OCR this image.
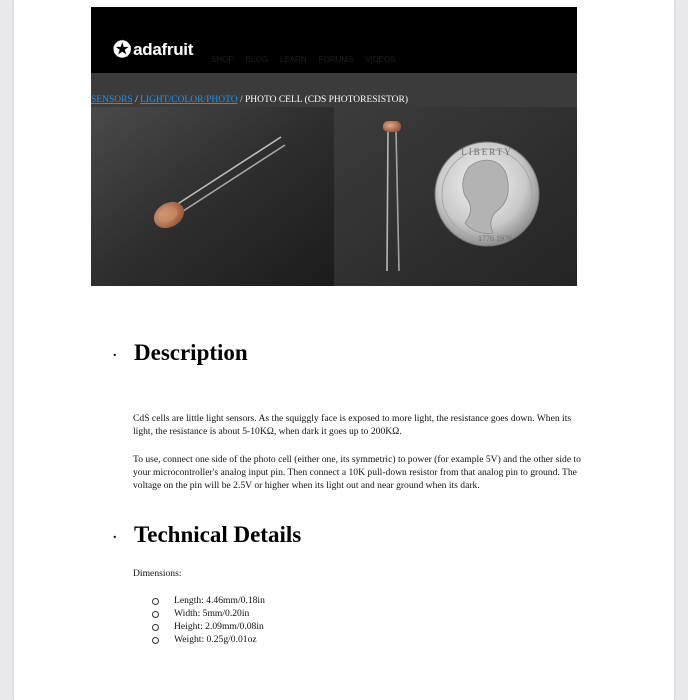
✪ adafruit
SHOP BLOG LEARN FORUMS VIDEOS
SENSORS / LIGHT/COLOR/PHOTO / PHOTO CELL (CDS PHOTORESISTOR)
LIBERTY
1776 1976
. Description

CdS cells are little light sensors. As the squiggly face is exposed to more light, the resistance goes down. When its light, the resistance is about 5-10KΩ, when dark it goes up to 200KΩ.

To use, connect one side of the photo cell (either one, its symmetric) to power (for example 5V) and the other side to your microcontroller's analog input pin. Then connect a 10K pull-down resistor from that analog pin to ground. The voltage on the pin will be 2.5V or higher when its light out and near ground when its dark.

. Technical Details
Dimensions:
Length: 4.46mm/0.18in
Width: 5mm/0.20in
Height: 2.09mm/0.08in
Weight: 0.25g/0.01oz
